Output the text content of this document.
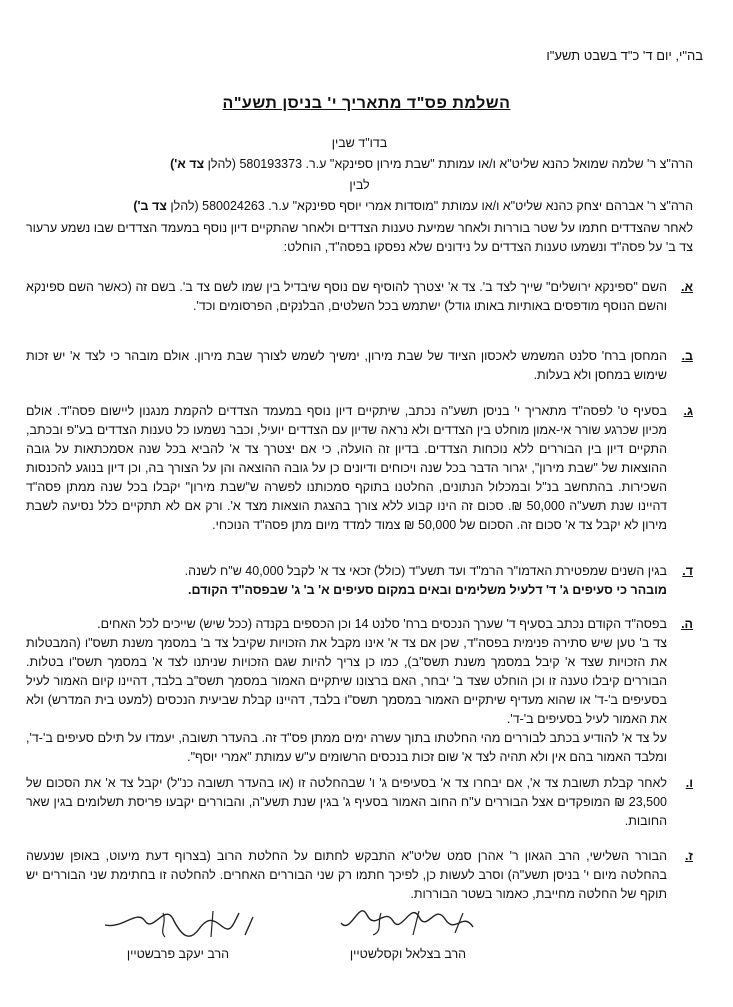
בה"י, יום ד' כ"ד בשבט תשע"ו
השלמת פס"ד מתאריך י' בניסן תשע"ה
בדו"ד שבין
הרה"צ ר' שלמה שמואל כהנא שליט"א ו/או עמותת "שבת מירון ספינקא" ע.ר. 580193373 (להלן צד א')
לבין
הרה"צ ר' אברהם יצחק כהנא שליט"א ו/או עמותת "מוסדות אמרי יוסף ספינקא" ע.ר. 580024263 (להלן צד ב')
לאחר שהצדדים חתמו על שטר בוררות ולאחר שמיעת טענות הצדדים ולאחר שהתקיים דיון נוסף במעמד הצדדים שבו נשמע ערעור צד ב' על פסה"ד ונשמעו טענות הצדדים על נידונים שלא נפסקו בפסה"ד, הוחלט:
א.
השם "ספינקא ירושלים" שייך לצד ב'. צד א' יצטרך להוסיף שם נוסף שיבדיל בין שמו לשם צד ב'. בשם זה (כאשר השם ספינקא והשם הנוסף מודפסים באותיות באותו גודל) ישתמש בכל השלטים, הבלנקים, הפרסומים וכד'.
ב.
המחסן ברח' סלנט המשמש לאכסון הציוד של שבת מירון, ימשיך לשמש לצורך שבת מירון. אולם מובהר כי לצד א' יש זכות שימוש במחסן ולא בעלות.
ג.
בסעיף ט' לפסה"ד מתאריך י' בניסן תשע"ה נכתב, שיתקיים דיון נוסף במעמד הצדדים להקמת מנגנון ליישום פסה"ד. אולם מכיון שכרגע שורר אי-אמון מוחלט בין הצדדים ולא נראה שדיון עם הצדדים יועיל, וכבר נשמעו כל טענות הצדדים בע"פ ובכתב, התקיים דיון בין הבוררים ללא נוכחות הצדדים. בדיון זה הועלה, כי אם יצטרך צד א' להביא בכל שנה אסמכתאות על גובה ההוצאות של "שבת מירון", יגרור הדבר בכל שנה ויכוחים ודיונים כן על גובה ההוצאה והן על הצורך בה, וכן דיון בנוגע להכנסות השכירות. בהתחשב בנ"ל ובמכלול הנתונים, החלטנו בתוקף סמכותנו לפשרה ש"שבת מירון" יקבלו בכל שנה ממתן פסה"ד דהיינו שנת תשע"ה 50,000 ₪. סכום זה הינו קבוע ללא צורך בהצגת הוצאות מצד א'. ורק אם לא תתקיים כלל נסיעה לשבת מירון לא יקבל צד א' סכום זה. הסכום של 50,000 ₪ צמוד למדד מיום מתן פסה"ד הנוכחי.
ד.

בגין השנים שמפטירת האדמו"ר הרמ"ד ועד תשע"ד (כולל) זכאי צד א' לקבל 40,000 ש"ח לשנה.

מובהר כי סעיפים ג' ד' דלעיל משלימים ובאים במקום סעיפים א' ב' ג' שבפסה"ד הקודם.

ה.

בפסה"ד הקודם נכתב בסעיף ד' שערך הנכסים ברח' סלנט 14 וכן הכספים בקנדה (ככל שיש) שייכים לכל האחים.

צד ב' טען שיש סתירה פנימית בפסה"ד, שכן אם צד א' אינו מקבל את הזכויות שקיבל צד ב' במסמך משנת תשס"ו (המבטלות את הזכויות שצד א' קיבל במסמך משנת תשס"ב), כמו כן צריך להיות שגם הזכויות שניתנו לצד א' במסמך תשס"ו בטלות. הבוררים קיבלו טענה זו וכן הוחלט שצד ב' יבחר, האם ברצונו שיתקיים האמור במסמך תשס"ב בלבד, דהיינו קיום האמור לעיל בסעיפים ב'-ד' או שהוא מעדיף שיתקיים האמור במסמך תשס"ו בלבד, דהיינו קבלת שביעית הנכסים (למעט בית המדרש) ולא את האמור לעיל בסעיפים ב'-ד'.

על צד א' להודיע בכתב לבוררים מהי החלטתו בתוך עשרה ימים ממתן פס"ד זה. בהעדר תשובה, יעמדו על תילם סעיפים ב'-ד', ומלבד האמור בהם אין ולא תהיה לצד א' שום זכות בנכסים הרשומים ע"ש עמותת "אמרי יוסף".

ו.
לאחר קבלת תשובת צד א', אם יבחרו צד א' בסעיפים ג' ו' שבהחלטה זו (או בהעדר תשובה כנ"ל) יקבל צד א' את הסכום של 23,500 ₪ המופקדים אצל הבוררים ע"ח החוב האמור בסעיף ג' בגין שנת תשע"ה, והבוררים יקבעו פריסת תשלומים בגין שאר החובות.
ז.
הבורר השלישי, הרב הגאון ר' אהרן סמט שליט"א התבקש לחתום על החלטת הרוב (בצרוף דעת מיעוט, באופן שנעשה בהחלטה מיום י' בניסן תשע"ה) וסרב לעשות כן, לפיכך חתמו רק שני הבוררים האחרים. להחלטה זו בחתימת שני הבוררים יש תוקף של החלטה מחייבת, כאמור בשטר הבוררות.
הרב בצלאל וקסלשטיין
הרב יעקב פרבשטיין
